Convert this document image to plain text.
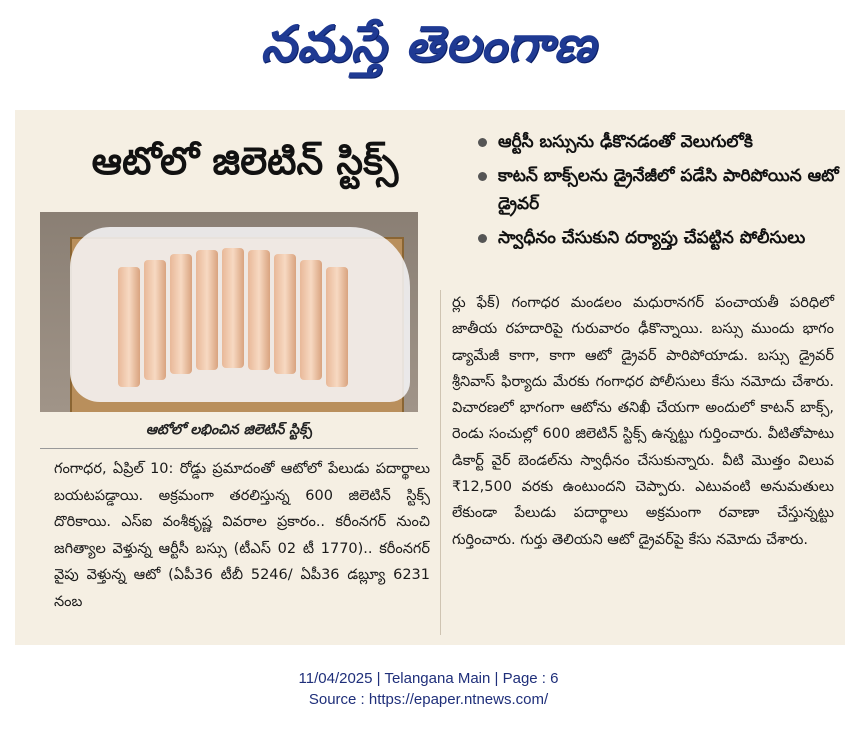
నమస్తే తెలంగాణ
ఆటోలో జిలెటిన్ స్టిక్స్	ఆర్టీసీ బస్సును ఢీకొనడంతో వెలుగులోకి
కాటన్ బాక్స్‌లను డ్రైనేజీలో పడేసి పారిపోయిన ఆటో డ్రైవర్
స్వాధీనం చేసుకుని దర్యాప్తు చేపట్టిన పోలీసులు
ఆటోలో లభించిన జిలెటిన్ స్టిక్స్
గంగాధర, ఏప్రిల్ 10: రోడ్డు ప్రమాదంతో ఆటోలో పేలుడు పదార్థాలు బయటపడ్డాయి. అక్రమంగా తరలిస్తున్న 600 జిలెటిన్ స్టిక్స్ దొరికాయి. ఎస్ఐ వంశీకృష్ణ వివరాల ప్రకారం.. కరీంనగర్ నుంచి జగిత్యాల వెళ్తున్న ఆర్టీసీ బస్సు (టీఎస్ 02 టీ 1770).. కరీంనగర్ వైపు వెళ్తున్న ఆటో (ఏపీ36 టీబీ 5246/ ఏపీ36 డబ్ల్యూ 6231 నంబ
ర్లు ఫేక్) గంగాధర మండలం మధురానగర్ పంచాయతీ పరిధిలో జాతీయ రహదారిపై గురువారం ఢీకొన్నాయి. బస్సు ముందు భాగం డ్యామేజీ కాగా, కాగా ఆటో డ్రైవర్ పారిపోయాడు. బస్సు డ్రైవర్ శ్రీనివాస్ ఫిర్యాదు మేరకు గంగాధర పోలీసులు కేసు నమోదు చేశారు. విచారణలో భాగంగా ఆటోను తనిఖీ చేయగా అందులో కాటన్ బాక్స్, రెండు సంచుల్లో 600 జిలెటిన్ స్టిక్స్ ఉన్నట్టు గుర్తించారు. వీటితోపాటు డికార్ట్ వైర్ బెండల్‌ను స్వాధీనం చేసుకున్నారు. వీటి మొత్తం విలువ ₹12,500 వరకు ఉంటుందని చెప్పారు. ఎటువంటి అనుమతులు లేకుండా పేలుడు పదార్థాలు అక్రమంగా రవాణా చేస్తున్నట్టు గుర్తించారు. గుర్తు తెలియని ఆటో డ్రైవర్‌పై కేసు నమోదు చేశారు.
11/04/2025 | Telangana Main | Page : 6
Source : https://epaper.ntnews.com/
